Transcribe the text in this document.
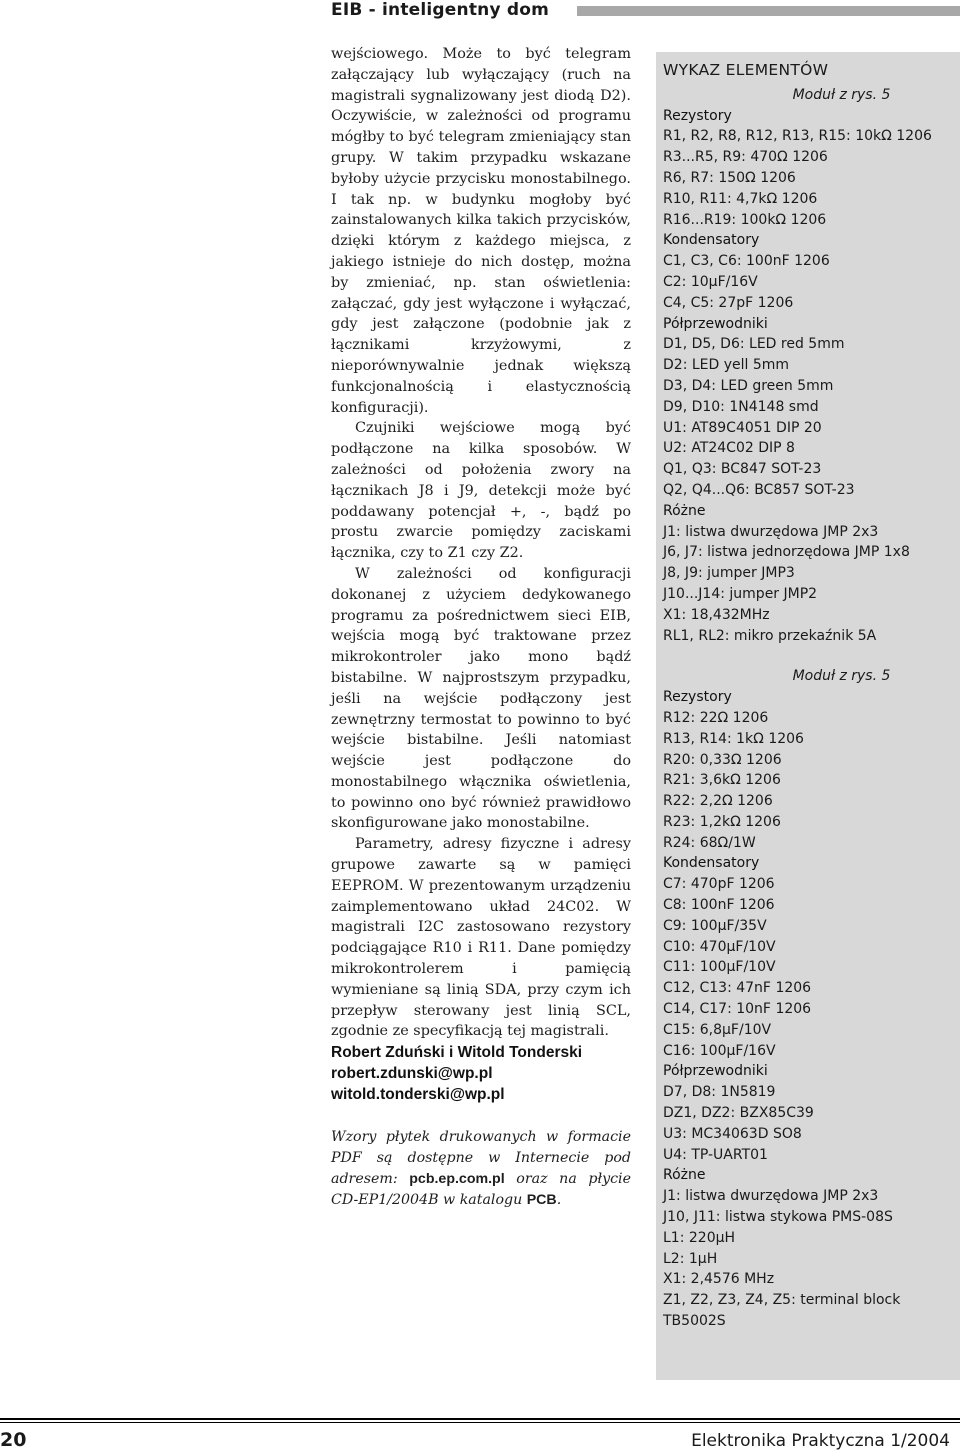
EIB - inteligentny dom

wejściowego. Może to być telegram załączający lub wyłączający (ruch na magistrali sygnalizowany jest diodą D2). Oczywiście, w zależności od programu mógłby to być telegram zmieniający stan grupy. W takim przypadku wskazane byłoby użycie przycisku monostabilnego. I tak np. w budynku mogłoby być zainstalowanych kilka takich przycisków, dzięki którym z każdego miejsca, z jakiego istnieje do nich dostęp, można by zmieniać, np. stan oświetlenia: załączać, gdy jest wyłączone i wyłączać, gdy jest załączone (podobnie jak z łącznikami krzyżowymi, z nieporównywalnie jednak większą funkcjonalnością i elastycznością konfiguracji).

Czujniki wejściowe mogą być podłączone na kilka sposobów. W zależności od położenia zwory na łącznikach J8 i J9, detekcji może być poddawany potencjał +, -, bądź po prostu zwarcie pomiędzy zaciskami łącznika, czy to Z1 czy Z2.

W zależności od konfiguracji dokonanej z użyciem dedykowanego programu za pośrednictwem sieci EIB, wejścia mogą być traktowane przez mikrokontroler jako mono bądź bistabilne. W najprostszym przypadku, jeśli na wejście podłączony jest zewnętrzny termostat to powinno to być wejście bistabilne. Jeśli natomiast wejście jest podłączone do monostabilnego włącznika oświetlenia, to powinno ono być również prawidłowo skonfigurowane jako monostabilne.

Parametry, adresy fizyczne i adresy grupowe zawarte są w pamięci EEPROM. W prezentowanym urządzeniu zaimplementowano układ 24C02. W magistrali I2C zastosowano rezystory podciągające R10 i R11. Dane pomiędzy mikrokontrolerem i pamięcią wymieniane są linią SDA, przy czym ich przepływ sterowany jest linią SCL, zgodnie ze specyfikacją tej magistrali.

Robert Zduński i Witold Tonderski
robert.zdunski@wp.pl
witold.tonderski@wp.pl
Wzory płytek drukowanych w formacie PDF są dostępne w Internecie pod adresem: pcb.ep.com.pl oraz na płycie CD-EP1/2004B w katalogu PCB.
WYKAZ ELEMENTÓW
Moduł z rys. 5
Rezystory
R1, R2, R8, R12, R13, R15: 10kΩ 1206
R3...R5, R9: 470Ω 1206
R6, R7: 150Ω 1206
R10, R11: 4,7kΩ 1206
R16...R19: 100kΩ 1206
Kondensatory
C1, C3, C6: 100nF 1206
C2: 10µF/16V
C4, C5: 27pF 1206
Półprzewodniki
D1, D5, D6: LED red 5mm
D2: LED yell 5mm
D3, D4: LED green 5mm
D9, D10: 1N4148 smd
U1: AT89C4051 DIP 20
U2: AT24C02 DIP 8
Q1, Q3: BC847 SOT-23
Q2, Q4...Q6: BC857 SOT-23
Różne
J1: listwa dwurzędowa JMP 2x3
J6, J7: listwa jednorzędowa JMP 1x8
J8, J9: jumper JMP3
J10...J14: jumper JMP2
X1: 18,432MHz
RL1, RL2: mikro przekaźnik 5A
Moduł z rys. 5
Rezystory
R12: 22Ω 1206
R13, R14: 1kΩ 1206
R20: 0,33Ω 1206
R21: 3,6kΩ 1206
R22: 2,2Ω 1206
R23: 1,2kΩ 1206
R24: 68Ω/1W
Kondensatory
C7: 470pF 1206
C8: 100nF 1206
C9: 100µF/35V
C10: 470µF/10V
C11: 100µF/10V
C12, C13: 47nF 1206
C14, C17: 10nF 1206
C15: 6,8µF/10V
C16: 100µF/16V
Półprzewodniki
D7, D8: 1N5819
DZ1, DZ2: BZX85C39
U3: MC34063D SO8
U4: TP-UART01
Różne
J1: listwa dwurzędowa JMP 2x3
J10, J11: listwa stykowa PMS-08S
L1: 220µH
L2: 1µH
X1: 2,4576 MHz
Z1, Z2, Z3, Z4, Z5: terminal block TB5002S
20	Elektronika Praktyczna 1/2004
